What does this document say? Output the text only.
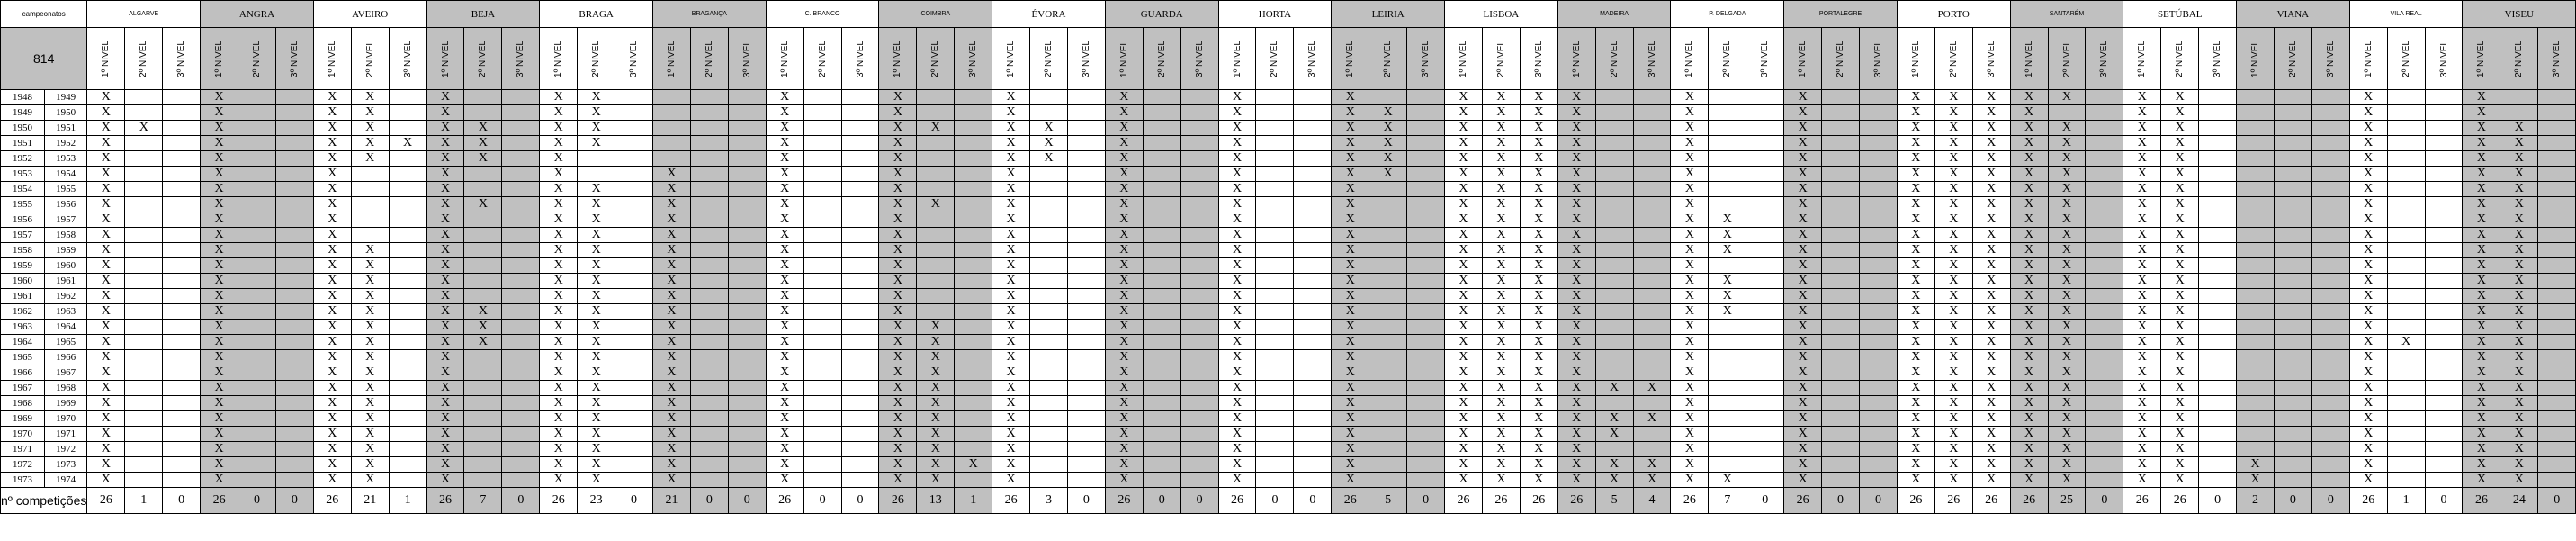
campeonatos	ALGARVE	ANGRA	AVEIRO	BEJA	BRAGA	BRAGANÇA	C. BRANCO	COIMBRA	ÉVORA	GUARDA	HORTA	LEIRIA	LISBOA	MADEIRA	P. DELGADA	PORTALEGRE	PORTO	SANTARÉM	SETÚBAL	VIANA	VILA REAL	VISEU
814	1º NIVEL	2º NIVEL	3º NIVEL	1º NIVEL	2º NIVEL	3º NIVEL	1º NIVEL	2º NIVEL	3º NIVEL	1º NIVEL	2º NIVEL	3º NIVEL	1º NIVEL	2º NIVEL	3º NIVEL	1º NIVEL	2º NIVEL	3º NIVEL	1º NIVEL	2º NIVEL	3º NIVEL	1º NIVEL	2º NIVEL	3º NIVEL	1º NIVEL	2º NIVEL	3º NIVEL	1º NIVEL	2º NIVEL	3º NIVEL	1º NIVEL	2º NIVEL	3º NIVEL	1º NIVEL	2º NIVEL	3º NIVEL	1º NIVEL	2º NIVEL	3º NIVEL	1º NIVEL	2º NIVEL	3º NIVEL	1º NIVEL	2º NIVEL	3º NIVEL	1º NIVEL	2º NIVEL	3º NIVEL	1º NIVEL	2º NIVEL	3º NIVEL	1º NIVEL	2º NIVEL	3º NIVEL	1º NIVEL	2º NIVEL	3º NIVEL	1º NIVEL	2º NIVEL	3º NIVEL	1º NIVEL	2º NIVEL	3º NIVEL	1º NIVEL	2º NIVEL	3º NIVEL
1948	1949	X			X			X	X		X			X	X					X			X			X			X			X			X			X	X	X	X			X			X			X	X	X	X	X		X	X					X			X		
1949	1950	X			X			X	X		X			X	X					X			X			X			X			X			X	X		X	X	X	X			X			X			X	X	X	X			X	X					X			X		
1950	1951	X	X		X			X	X		X	X		X	X					X			X	X		X	X		X			X			X	X		X	X	X	X			X			X			X	X	X	X	X		X	X					X			X	X	
1951	1952	X			X			X	X	X	X	X		X	X					X			X			X	X		X			X			X	X		X	X	X	X			X			X			X	X	X	X	X		X	X					X			X	X	
1952	1953	X			X			X	X		X	X		X						X			X			X	X		X			X			X	X		X	X	X	X			X			X			X	X	X	X	X		X	X					X			X	X	
1953	1954	X			X			X			X			X			X			X			X			X			X			X			X	X		X	X	X	X			X			X			X	X	X	X	X		X	X					X			X	X	
1954	1955	X			X			X			X			X	X		X			X			X			X			X			X			X			X	X	X	X			X			X			X	X	X	X	X		X	X					X			X	X	
1955	1956	X			X			X			X	X		X	X		X			X			X	X		X			X			X			X			X	X	X	X			X			X			X	X	X	X	X		X	X					X			X	X	
1956	1957	X			X			X			X			X	X		X			X			X			X			X			X			X			X	X	X	X			X	X		X			X	X	X	X	X		X	X					X			X	X	
1957	1958	X			X			X			X			X	X		X			X			X			X			X			X			X			X	X	X	X			X	X		X			X	X	X	X	X		X	X					X			X	X	
1958	1959	X			X			X	X		X			X	X		X			X			X			X			X			X			X			X	X	X	X			X	X		X			X	X	X	X	X		X	X					X			X	X	
1959	1960	X			X			X	X		X			X	X		X			X			X			X			X			X			X			X	X	X	X			X			X			X	X	X	X	X		X	X					X			X	X	
1960	1961	X			X			X	X		X			X	X		X			X			X			X			X			X			X			X	X	X	X			X	X		X			X	X	X	X	X		X	X					X			X	X	
1961	1962	X			X			X	X		X			X	X		X			X			X			X			X			X			X			X	X	X	X			X	X		X			X	X	X	X	X		X	X					X			X	X	
1962	1963	X			X			X	X		X	X		X	X		X			X			X			X			X			X			X			X	X	X	X			X	X		X			X	X	X	X	X		X	X					X			X	X	
1963	1964	X			X			X	X		X	X		X	X		X			X			X	X		X			X			X			X			X	X	X	X			X			X			X	X	X	X	X		X	X					X			X	X	
1964	1965	X			X			X	X		X	X		X	X		X			X			X	X		X			X			X			X			X	X	X	X			X			X			X	X	X	X	X		X	X					X	X		X	X	
1965	1966	X			X			X	X		X			X	X		X			X			X	X		X			X			X			X			X	X	X	X			X			X			X	X	X	X	X		X	X					X			X	X	
1966	1967	X			X			X	X		X			X	X		X			X			X	X		X			X			X			X			X	X	X	X			X			X			X	X	X	X	X		X	X					X			X	X	
1967	1968	X			X			X	X		X			X	X		X			X			X	X		X			X			X			X			X	X	X	X	X	X	X			X			X	X	X	X	X		X	X					X			X	X	
1968	1969	X			X			X	X		X			X	X		X			X			X	X		X			X			X			X			X	X	X	X			X			X			X	X	X	X	X		X	X					X			X	X	
1969	1970	X			X			X	X		X			X	X		X			X			X	X		X			X			X			X			X	X	X	X	X	X	X			X			X	X	X	X	X		X	X					X			X	X	
1970	1971	X			X			X	X		X			X	X		X			X			X	X		X			X			X			X			X	X	X	X	X		X			X			X	X	X	X	X		X	X					X			X	X	
1971	1972	X			X			X	X		X			X	X		X			X			X	X		X			X			X			X			X	X	X	X			X			X			X	X	X	X	X		X	X					X			X	X	
1972	1973	X			X			X	X		X			X	X		X			X			X	X	X	X			X			X			X			X	X	X	X	X	X	X			X			X	X	X	X	X		X	X		X			X			X	X	
1973	1974	X			X			X	X		X			X	X		X			X			X	X		X			X			X			X			X	X	X	X	X	X	X	X		X			X	X	X	X	X		X	X		X			X			X	X	
nº competições	26	1	0	26	0	0	26	21	1	26	7	0	26	23	0	21	0	0	26	0	0	26	13	1	26	3	0	26	0	0	26	0	0	26	5	0	26	26	26	26	5	4	26	7	0	26	0	0	26	26	26	26	25	0	26	26	0	2	0	0	26	1	0	26	24	0
